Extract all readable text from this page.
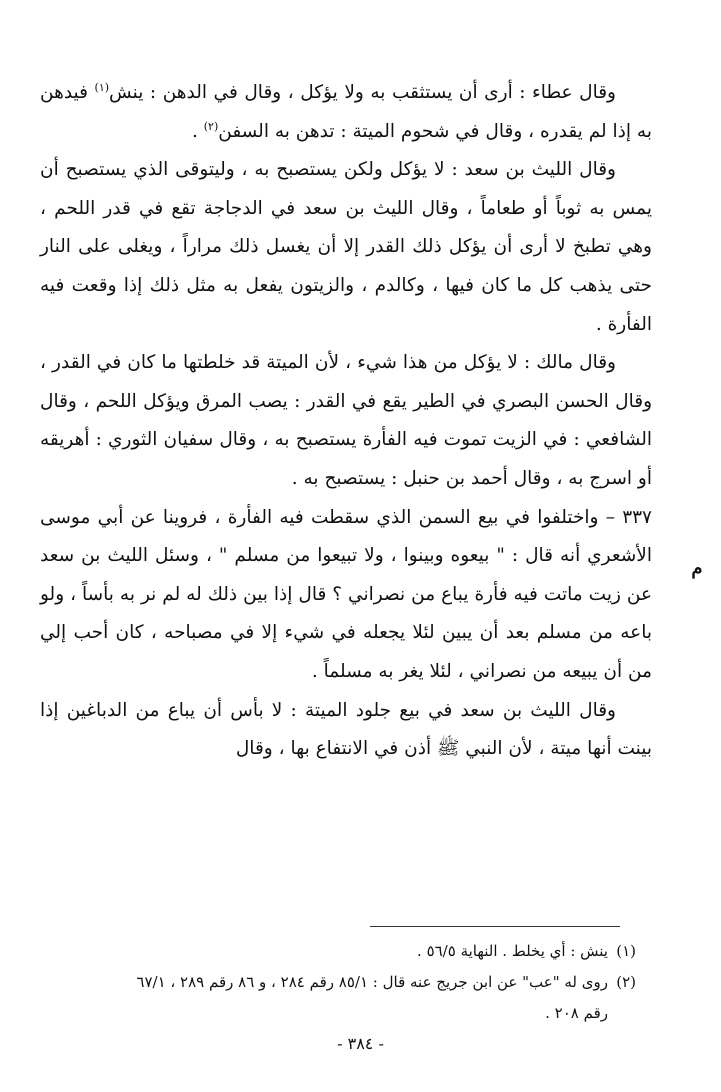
وقال عطاء : أرى أن يستثقب به ولا يؤكل ، وقال في الدهن : ينش$^{(١)}$ فيدهن به إذا لم يقدره ، وقال في شحوم الميتة : تدهن به السفن$^{(٢)}$ .

وقال الليث بن سعد : لا يؤكل ولكن يستصبح به ، وليتوقى الذي يستصبح أن يمس به ثوباً أو طعاماً ، وقال الليث بن سعد في الدجاجة تقع في قدر اللحم ، وهي تطبخ لا أرى أن يؤكل ذلك القدر إلا أن يغسل ذلك مراراً ، ويغلى على النار حتى يذهب كل ما كان فيها ، وكالدم ، والزيتون يفعل به مثل ذلك إذا وقعت فيه الفأرة .

وقال مالك : لا يؤكل من هذا شيء ، لأن الميتة قد خلطتها ما كان في القدر ، وقال الحسن البصري في الطير يقع في القدر : يصب المرق ويؤكل اللحم ، وقال الشافعي : في الزيت تموت فيه الفأرة يستصبح به ، وقال سفيان الثوري : أهريقه أو اسرج به ، وقال أحمد بن حنبل : يستصبح به .

٣٣٧ – واختلفوا في بيع السمن الذي سقطت فيه الفأرة ، فروينا عن أبي موسى الأشعري أنه قال : " بيعوه وبينوا ، ولا تبيعوا من مسلم " ، وسئل الليث بن سعد عن زيت ماتت فيه فأرة يباع من نصراني ؟ قال إذا بين ذلك له لم نر به بأساً ، ولو باعه من مسلم بعد أن يبين لئلا يجعله في شيء إلا في مصباحه ، كان أحب إلي من أن يبيعه من نصراني ، لئلا يغر به مسلماً .

وقال الليث بن سعد في بيع جلود الميتة : لا بأس أن يباع من الدباغين إذا بينت أنها ميتة ، لأن النبي ﷺ أذن في الانتفاع بها ، وقال

م

(١)ينش : أي يخلط . النهاية ٥٦/٥ .

(٢)روى له "عب" عن ابن جريج عنه قال : ٨٥/١ رقم ٢٨٤ ، و ٨٦ رقم ٢٨٩ ، ٦٧/١

رقم ٢٠٨ .

- ٣٨٤ -
